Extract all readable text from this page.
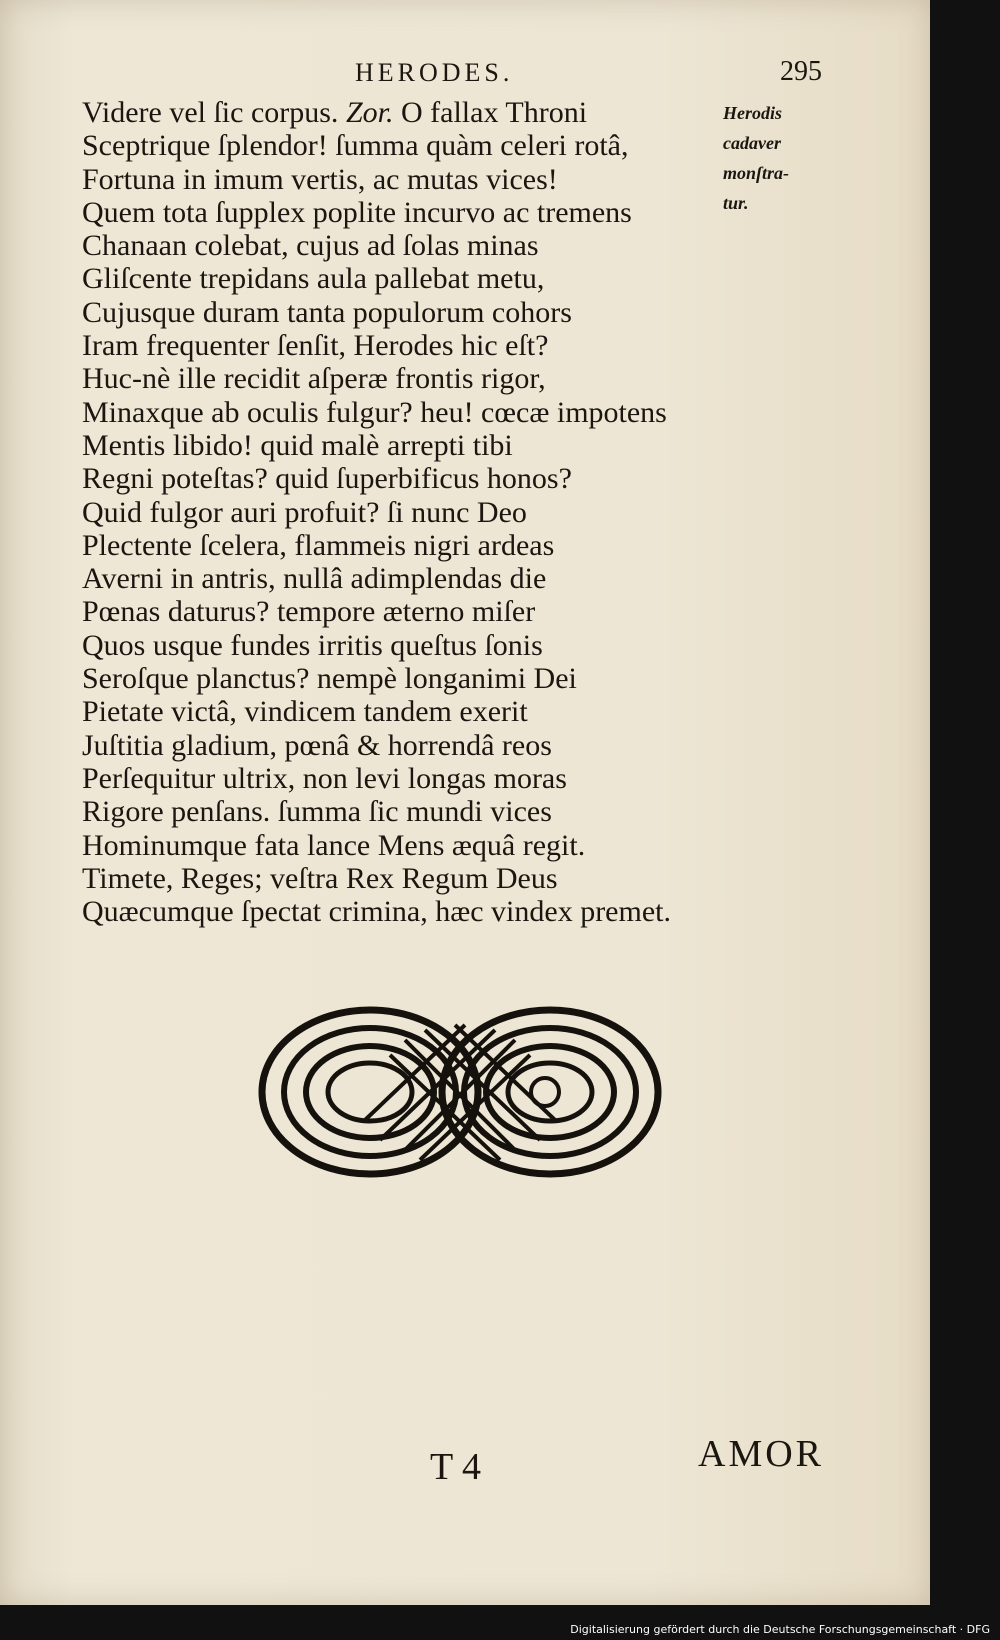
HERODES.	295
Videre vel ſic corpus. Zor. O fallax Throni
Sceptrique ſplendor! ſumma quàm celeri rotâ,
Fortuna in imum vertis, ac mutas vices!
Quem tota ſupplex poplite incurvo ac tremens
Chanaan colebat, cujus ad ſolas minas
Gliſcente trepidans aula pallebat metu,
Cujusque duram tanta populorum cohors
Iram frequenter ſenſit, Herodes hic eſt?
Huc-nè ille recidit aſperæ frontis rigor,
Minaxque ab oculis fulgur? heu! cœcæ impotens
Mentis libido! quid malè arrepti tibi
Regni poteſtas? quid ſuperbificus honos?
Quid fulgor auri profuit? ſi nunc Deo
Plectente ſcelera, flammeis nigri ardeas
Averni in antris, nullâ adimplendas die
Pœnas daturus? tempore æterno miſer
Quos usque fundes irritis queſtus ſonis
Seroſque planctus? nempè longanimi Dei
Pietate victâ, vindicem tandem exerit
Juſtitia gladium, pœnâ & horrendâ reos
Perſequitur ultrix, non levi longas moras
Rigore penſans. ſumma ſic mundi vices
Hominumque fata lance Mens æquâ regit.
Timete, Reges; veſtra Rex Regum Deus
Quæcumque ſpectat crimina, hæc vindex premet.
Herodis
cadaver
monſtra-
tur.
T 4	AMOR
Digitalisierung gefördert durch die Deutsche Forschungsgemeinschaft · DFG
